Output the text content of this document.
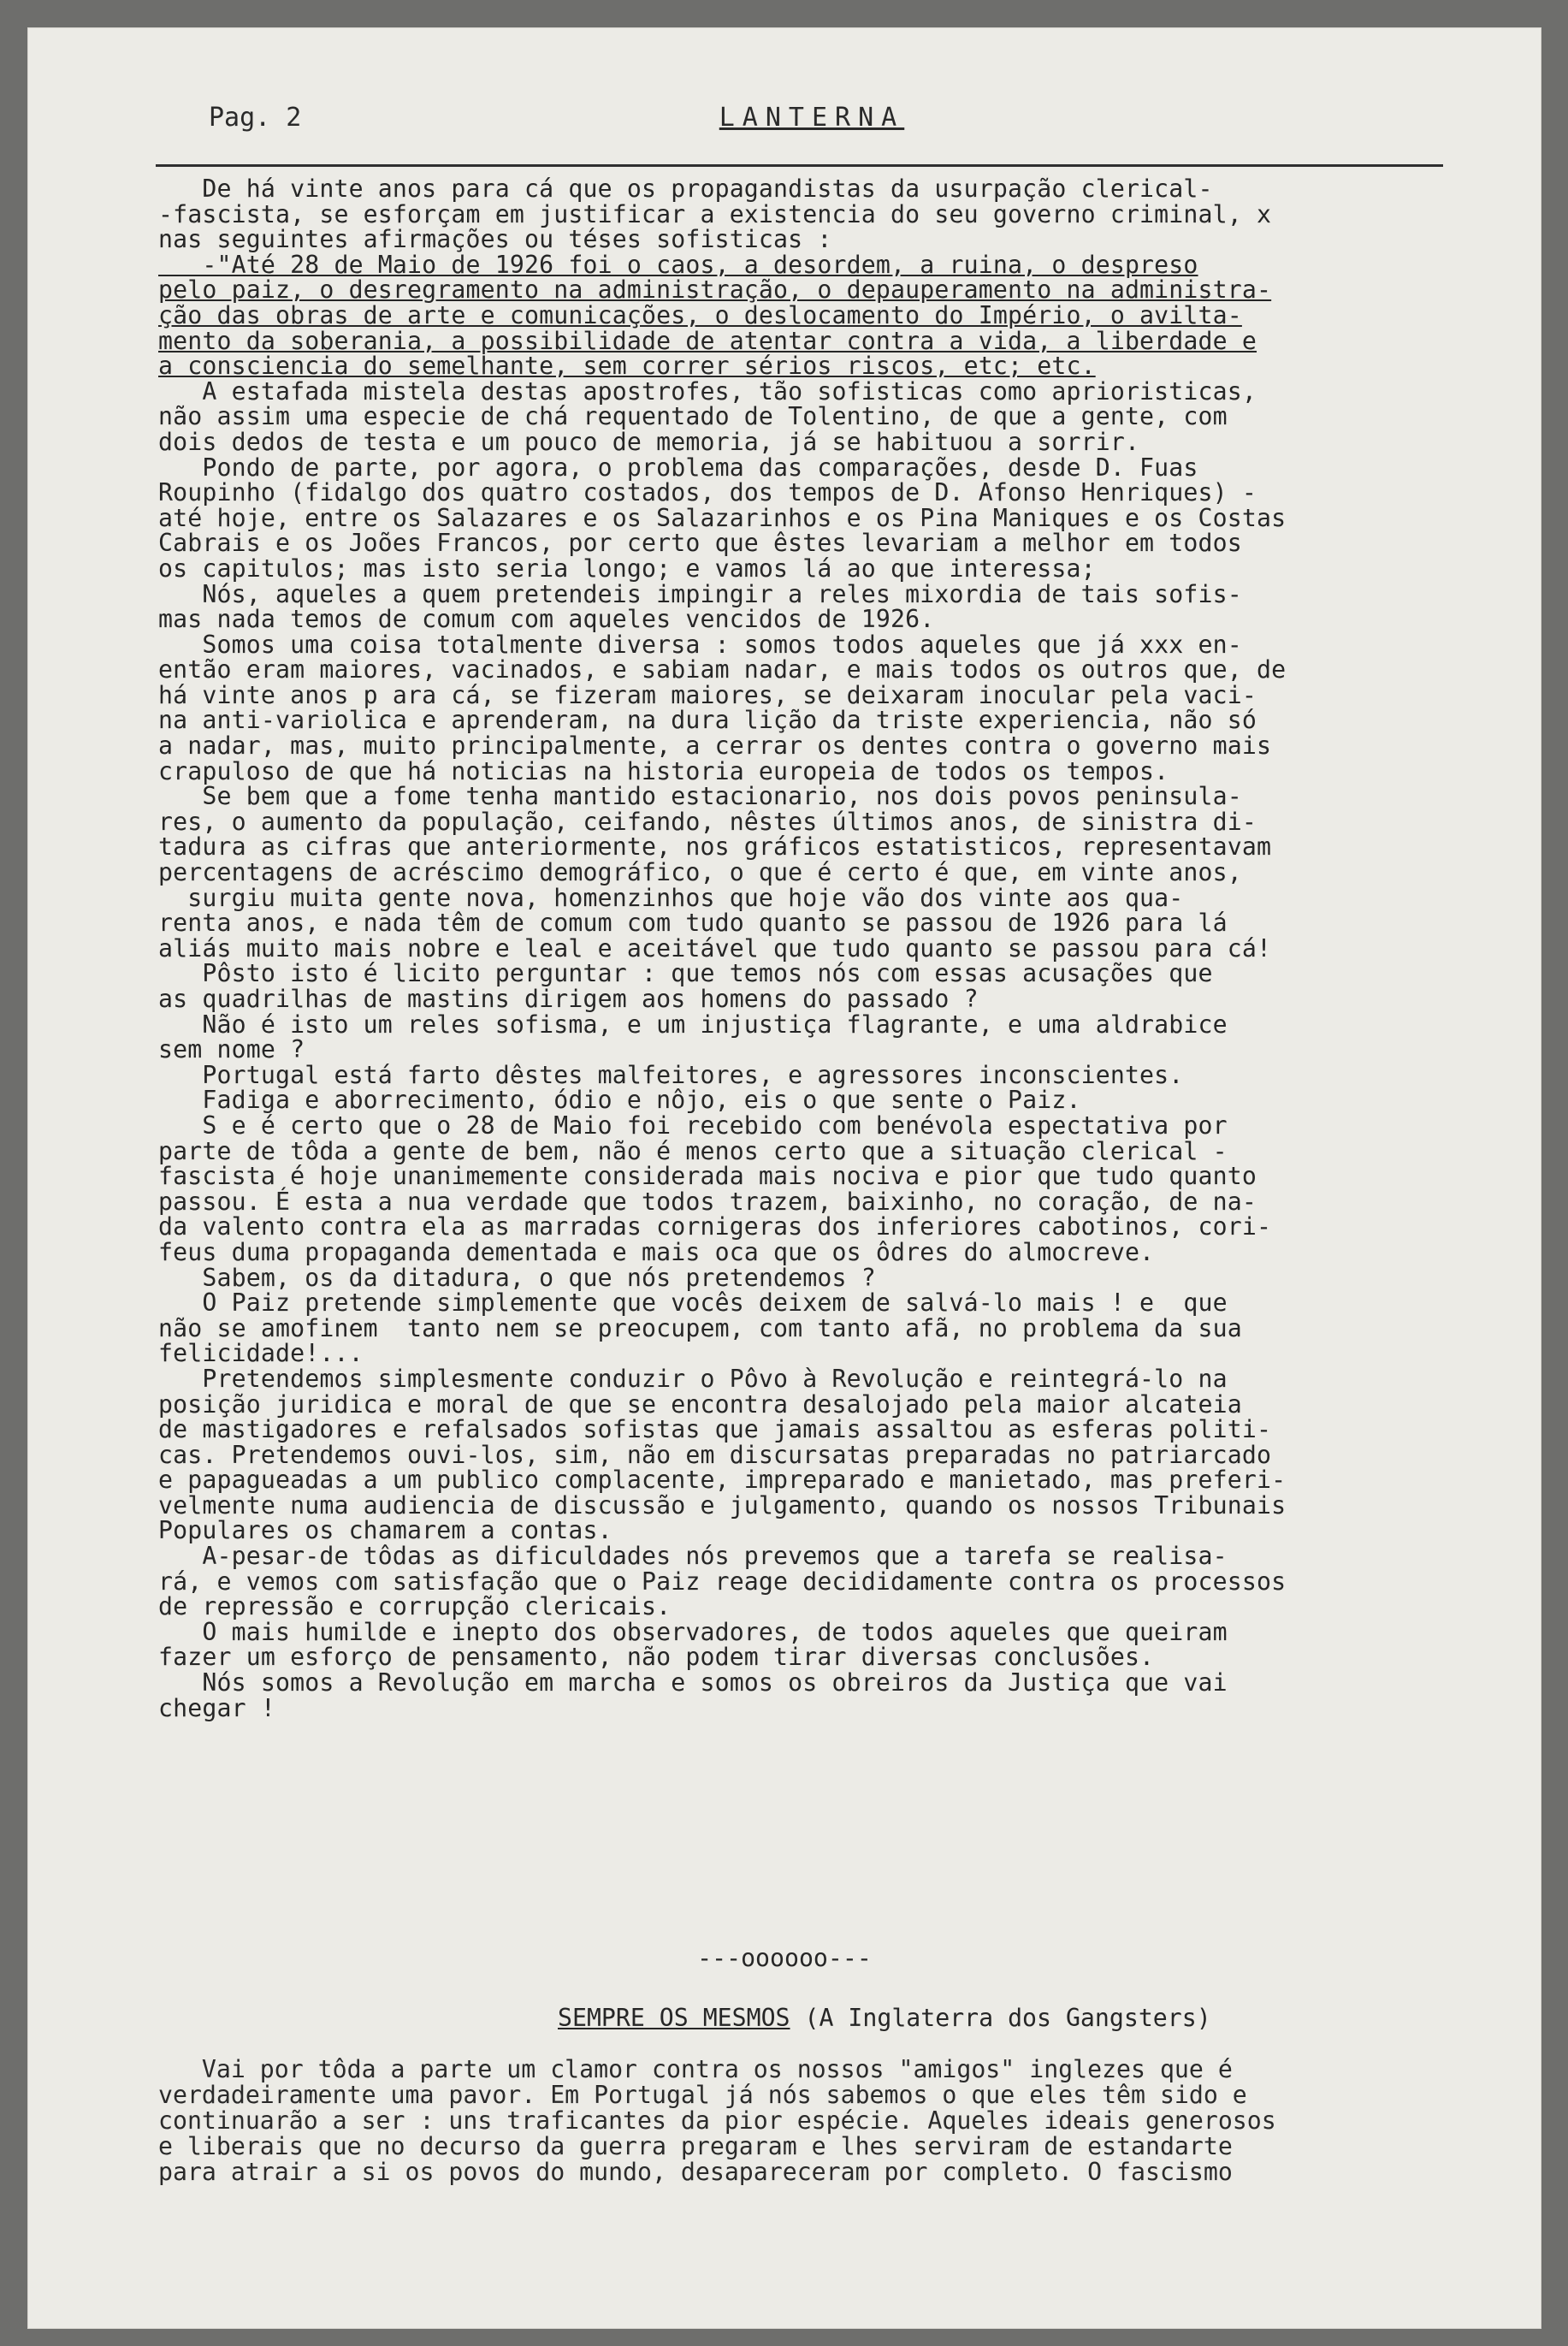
Pag. 2	LANTERNA
De há vinte anos para cá que os propagandistas da usurpação clerical-
-fascista, se esforçam em justificar a existencia do seu governo criminal, x
nas seguintes afirmações ou téses sofisticas :
-"Até 28 de Maio de 1926 foi o caos, a desordem, a ruina, o despreso
pelo paiz, o desregramento na administração, o depauperamento na administra-
ção das obras de arte e comunicações, o deslocamento do Império, o avilta-
mento da soberania, a possibilidade de atentar contra a vida, a liberdade e
a consciencia do semelhante, sem correr sérios riscos, etc; etc.
A estafada mistela destas apostrofes, tão sofisticas como aprioristicas,
não assim uma especie de chá requentado de Tolentino, de que a gente, com
dois dedos de testa e um pouco de memoria, já se habituou a sorrir.
Pondo de parte, por agora, o problema das comparações, desde D. Fuas
Roupinho (fidalgo dos quatro costados, dos tempos de D. Afonso Henriques) -
até hoje, entre os Salazares e os Salazarinhos e os Pina Maniques e os Costas
Cabrais e os Joões Francos, por certo que êstes levariam a melhor em todos
os capitulos; mas isto seria longo; e vamos lá ao que interessa;
Nós, aqueles a quem pretendeis impingir a reles mixordia de tais sofis-
mas nada temos de comum com aqueles vencidos de 1926.
Somos uma coisa totalmente diversa : somos todos aqueles que já xxx en-
então eram maiores, vacinados, e sabiam nadar, e mais todos os outros que, de
há vinte anos p ara cá, se fizeram maiores, se deixaram inocular pela vaci-
na anti-variolica e aprenderam, na dura lição da triste experiencia, não só
a nadar, mas, muito principalmente, a cerrar os dentes contra o governo mais
crapuloso de que há noticias na historia europeia de todos os tempos.
Se bem que a fome tenha mantido estacionario, nos dois povos peninsula-
res, o aumento da população, ceifando, nêstes últimos anos, de sinistra di-
tadura as cifras que anteriormente, nos gráficos estatisticos, representavam
percentagens de acréscimo demográfico, o que é certo é que, em vinte anos,
surgiu muita gente nova, homenzinhos que hoje vão dos vinte aos qua-
renta anos, e nada têm de comum com tudo quanto se passou de 1926 para lá
aliás muito mais nobre e leal e aceitável que tudo quanto se passou para cá!
Pôsto isto é licito perguntar : que temos nós com essas acusações que
as quadrilhas de mastins dirigem aos homens do passado ?
Não é isto um reles sofisma, e um injustiça flagrante, e uma aldrabice
sem nome ?
Portugal está farto dêstes malfeitores, e agressores inconscientes.
Fadiga e aborrecimento, ódio e nôjo, eis o que sente o Paiz.
S e é certo que o 28 de Maio foi recebido com benévola espectativa por
parte de tôda a gente de bem, não é menos certo que a situação clerical -
fascista é hoje unanimemente considerada mais nociva e pior que tudo quanto
passou. É esta a nua verdade que todos trazem, baixinho, no coração, de na-
da valento contra ela as marradas cornigeras dos inferiores cabotinos, cori-
feus duma propaganda dementada e mais oca que os ôdres do almocreve.
Sabem, os da ditadura, o que nós pretendemos ?
O Paiz pretende simplemente que vocês deixem de salvá-lo mais ! e  que
não se amofinem  tanto nem se preocupem, com tanto afã, no problema da sua
felicidade!...
Pretendemos simplesmente conduzir o Pôvo à Revolução e reintegrá-lo na
posição juridica e moral de que se encontra desalojado pela maior alcateia
de mastigadores e refalsados sofistas que jamais assaltou as esferas politi-
cas. Pretendemos ouvi-los, sim, não em discursatas preparadas no patriarcado
e papagueadas a um publico complacente, impreparado e manietado, mas preferi-
velmente numa audiencia de discussão e julgamento, quando os nossos Tribunais
Populares os chamarem a contas.
A-pesar-de tôdas as dificuldades nós prevemos que a tarefa se realisa-
rá, e vemos com satisfação que o Paiz reage decididamente contra os processos
de repressão e corrupção clericais.
O mais humilde e inepto dos observadores, de todos aqueles que queiram
fazer um esforço de pensamento, não podem tirar diversas conclusões.
Nós somos a Revolução em marcha e somos os obreiros da Justiça que vai
chegar !
---oooooo---
SEMPRE OS MESMOS (A Inglaterra dos Gangsters)
Vai por tôda a parte um clamor contra os nossos "amigos" inglezes que é
verdadeiramente uma pavor. Em Portugal já nós sabemos o que eles têm sido e
continuarão a ser : uns traficantes da pior espécie. Aqueles ideais generosos
e liberais que no decurso da guerra pregaram e lhes serviram de estandarte
para atrair a si os povos do mundo, desapareceram por completo. O fascismo
